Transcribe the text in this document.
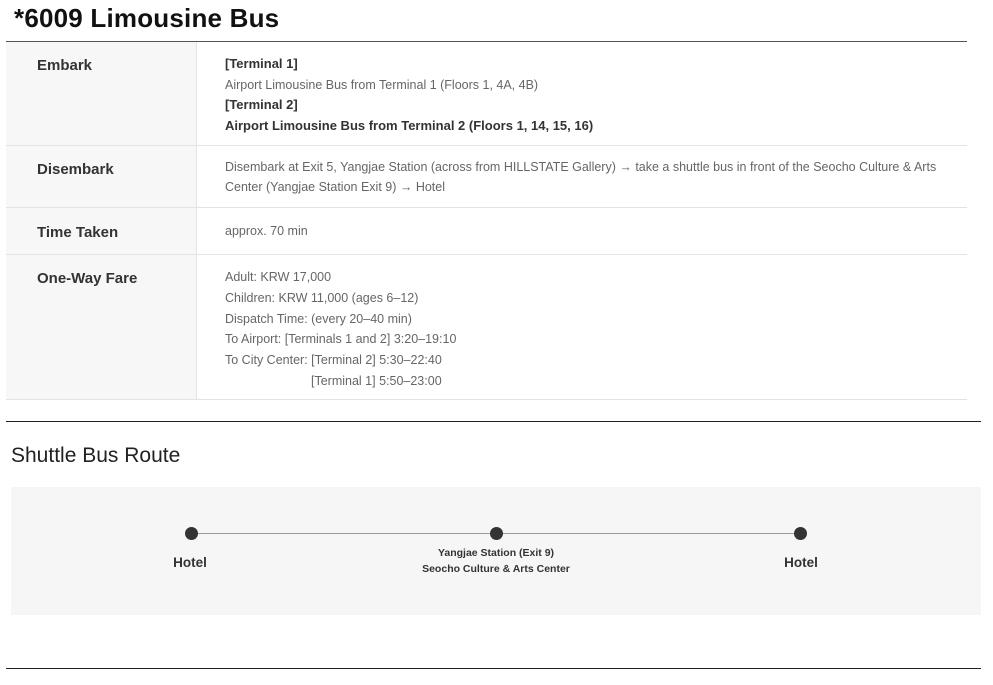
*6009 Limousine Bus
Embark	[Terminal 1]
Airport Limousine Bus from Terminal 1 (Floors 1, 4A, 4B)
[Terminal 2]
Airport Limousine Bus from Terminal 2 (Floors 1, 14, 15, 16)
Disembark	Disembark at Exit 5, Yangjae Station (across from HILLSTATE Gallery) → take a shuttle bus in front of the Seocho Culture & Arts Center (Yangjae Station Exit 9) → Hotel
Time Taken	approx. 70 min
One-Way Fare	Adult: KRW 17,000
Children: KRW 11,000 (ages 6–12)
Dispatch Time: (every 20–40 min)
To Airport: [Terminals 1 and 2] 3:20–19:10
To City Center: [Terminal 2] 5:30–22:40
[Terminal 1] 5:50–23:00
Shuttle Bus Route
Hotel
Yangjae Station (Exit 9)
Seocho Culture & Arts Center	Hotel
